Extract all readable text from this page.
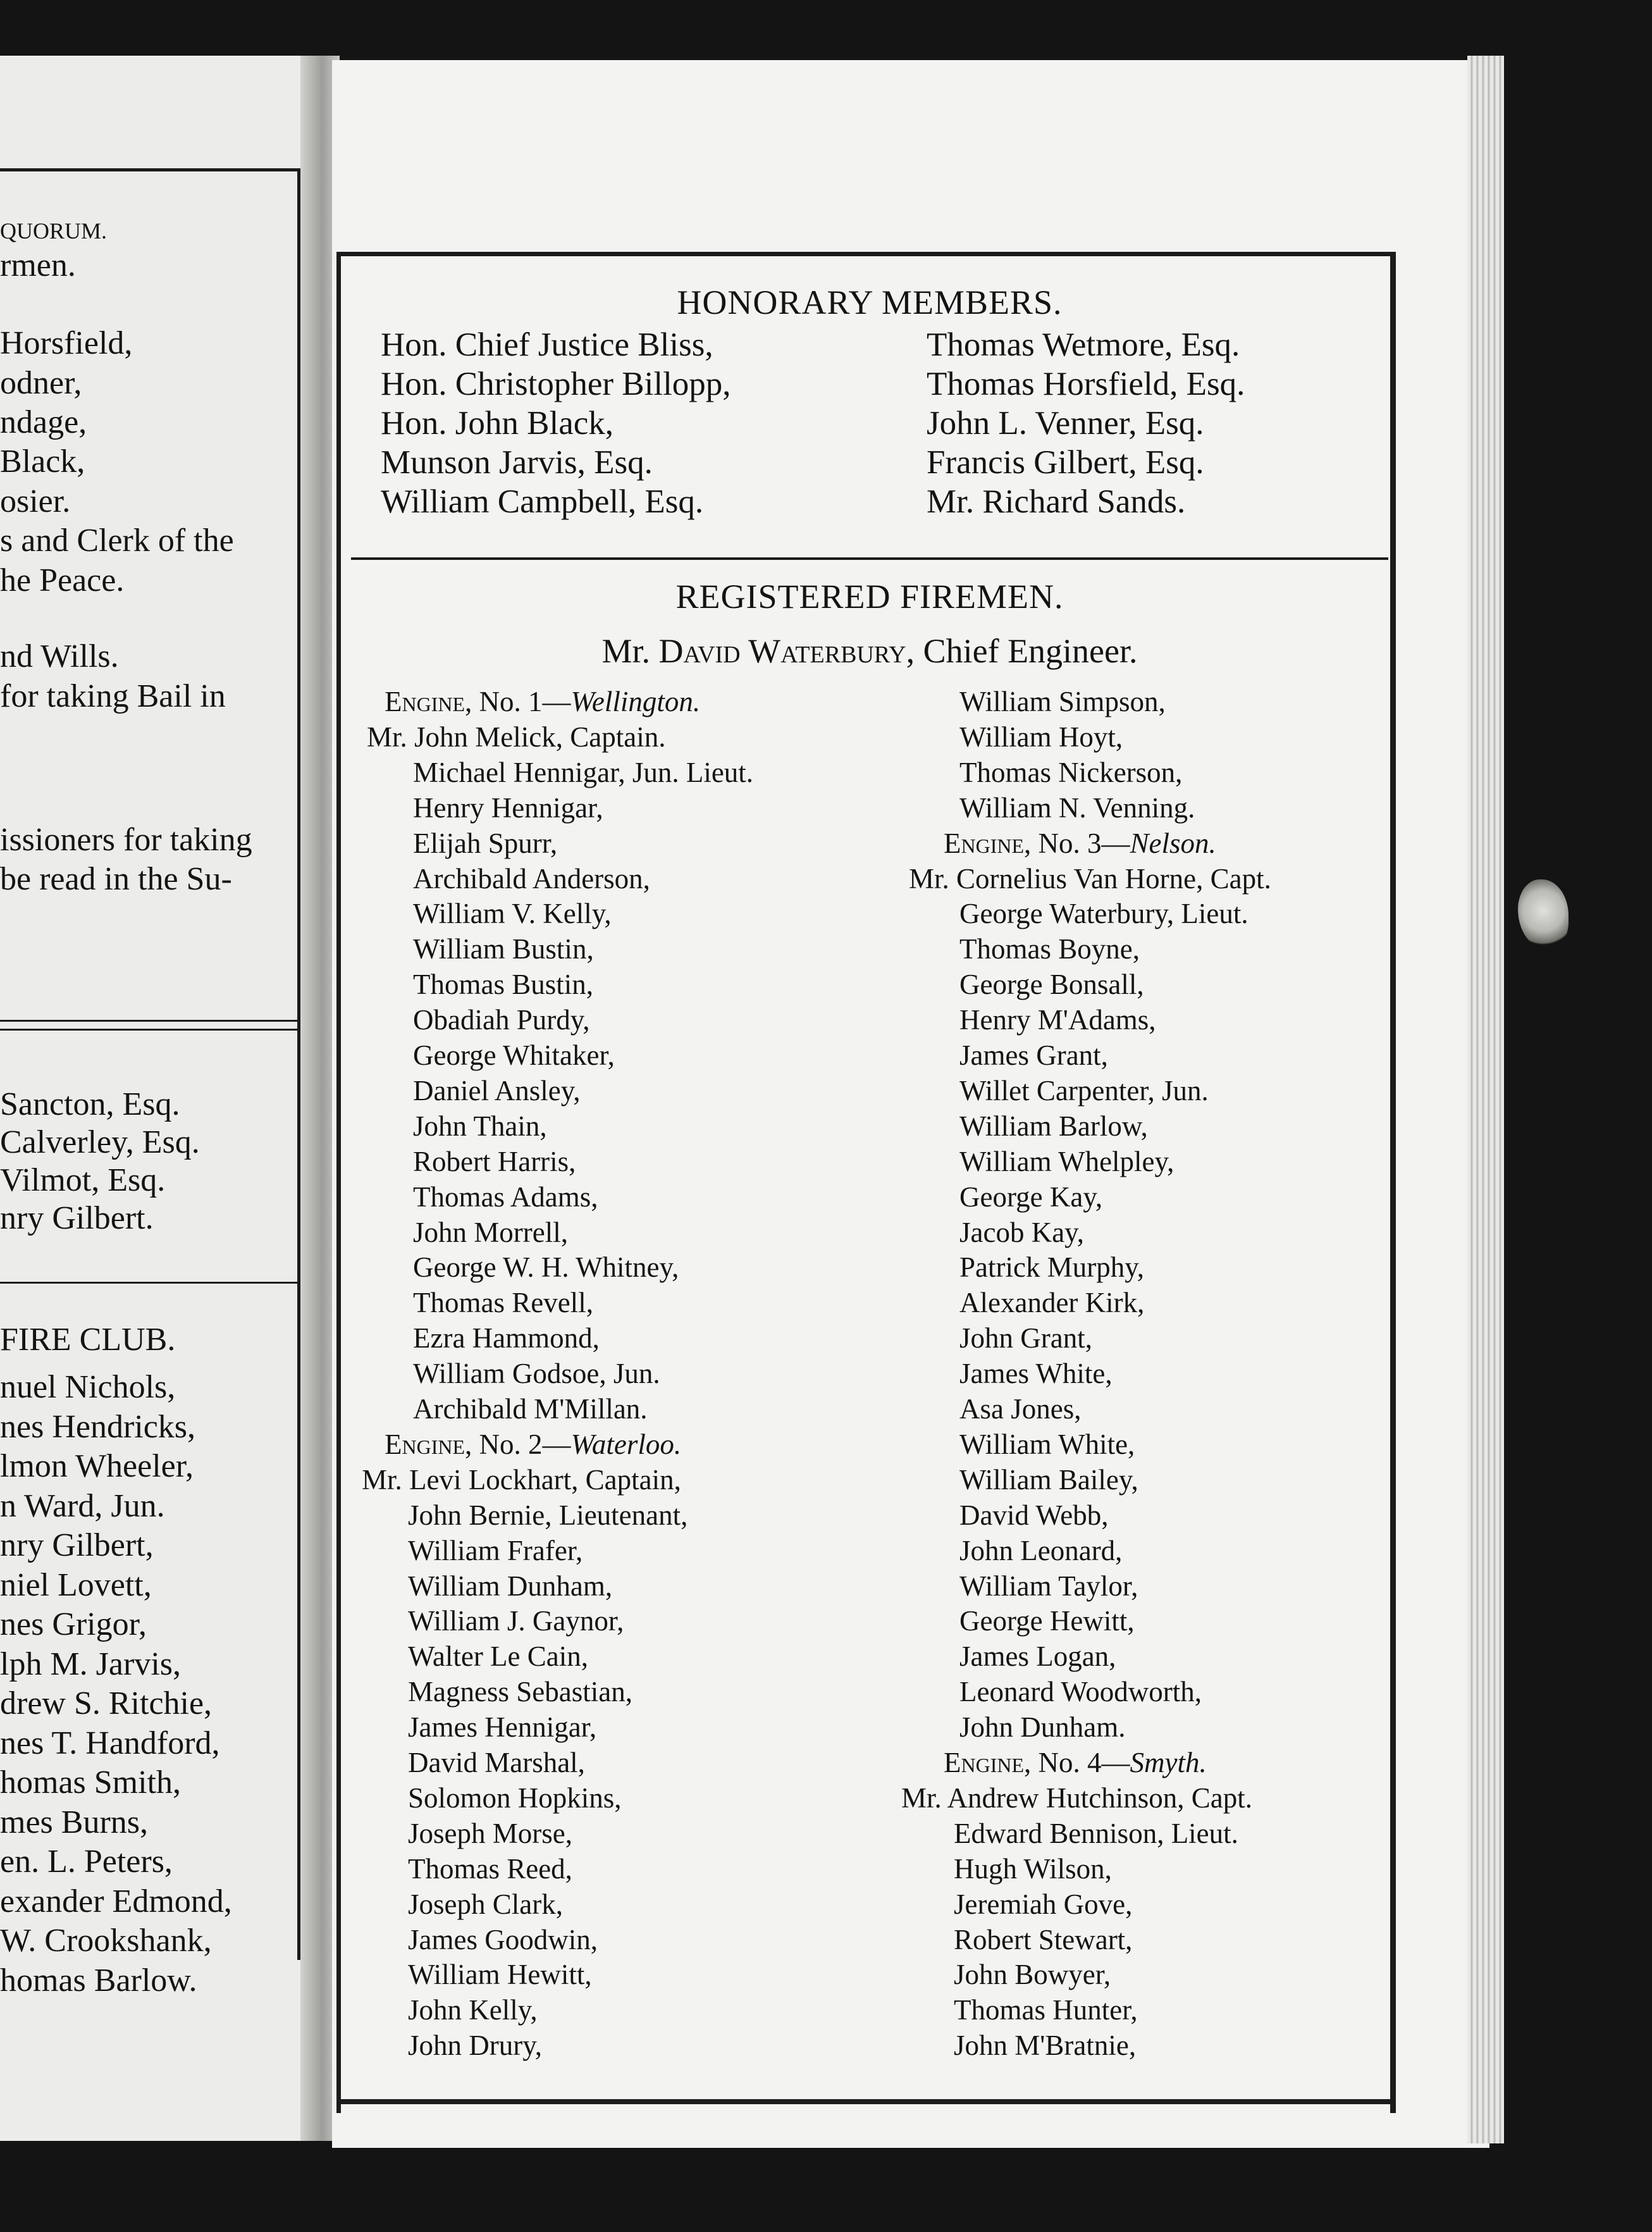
QUORUM.
rmen.
Horsfield,
odner,
ndage,
Black,
osier.
s and Clerk of the
he Peace.
nd Wills.
for taking Bail in
issioners for taking
be read in the Su-
Sancton, Esq.
Calverley, Esq.
Vilmot, Esq.
nry Gilbert.
FIRE CLUB.
nuel Nichols,
nes Hendricks,
lmon Wheeler,
n Ward, Jun.
nry Gilbert,
niel Lovett,
nes Grigor,
lph M. Jarvis,
drew S. Ritchie,
nes T. Handford,
homas Smith,
mes Burns,
en. L. Peters,
exander Edmond,
W. Crookshank,
homas Barlow.
HONORARY MEMBERS.
Hon. Chief Justice Bliss,
Hon. Christopher Billopp,
Hon. John Black,
Munson Jarvis, Esq.
William Campbell, Esq.
Thomas Wetmore, Esq.
Thomas Horsfield, Esq.
John L. Venner, Esq.
Francis Gilbert, Esq.
Mr. Richard Sands.
REGISTERED FIREMEN.
Mr. David Waterbury, Chief Engineer.
Engine, No. 1—Wellington.
Mr. John Melick, Captain.
Michael Hennigar, Jun. Lieut.
Henry Hennigar,
Elijah Spurr,
Archibald Anderson,
William V. Kelly,
William Bustin,
Thomas Bustin,
Obadiah Purdy,
George Whitaker,
Daniel Ansley,
John Thain,
Robert Harris,
Thomas Adams,
John Morrell,
George W. H. Whitney,
Thomas Revell,
Ezra Hammond,
William Godsoe, Jun.
Archibald M'Millan.
Engine, No. 2—Waterloo.
Mr. Levi Lockhart, Captain,
John Bernie, Lieutenant,
William Frafer,
William Dunham,
William J. Gaynor,
Walter Le Cain,
Magness Sebastian,
James Hennigar,
David Marshal,
Solomon Hopkins,
Joseph Morse,
Thomas Reed,
Joseph Clark,
James Goodwin,
William Hewitt,
John Kelly,
John Drury,
William Simpson,
William Hoyt,
Thomas Nickerson,
William N. Venning.
Engine, No. 3—Nelson.
Mr. Cornelius Van Horne, Capt.
George Waterbury, Lieut.
Thomas Boyne,
George Bonsall,
Henry M'Adams,
James Grant,
Willet Carpenter, Jun.
William Barlow,
William Whelpley,
George Kay,
Jacob Kay,
Patrick Murphy,
Alexander Kirk,
John Grant,
James White,
Asa Jones,
William White,
William Bailey,
David Webb,
John Leonard,
William Taylor,
George Hewitt,
James Logan,
Leonard Woodworth,
John Dunham.
Engine, No. 4—Smyth.
Mr. Andrew Hutchinson, Capt.
Edward Bennison, Lieut.
Hugh Wilson,
Jeremiah Gove,
Robert Stewart,
John Bowyer,
Thomas Hunter,
John M'Bratnie,
